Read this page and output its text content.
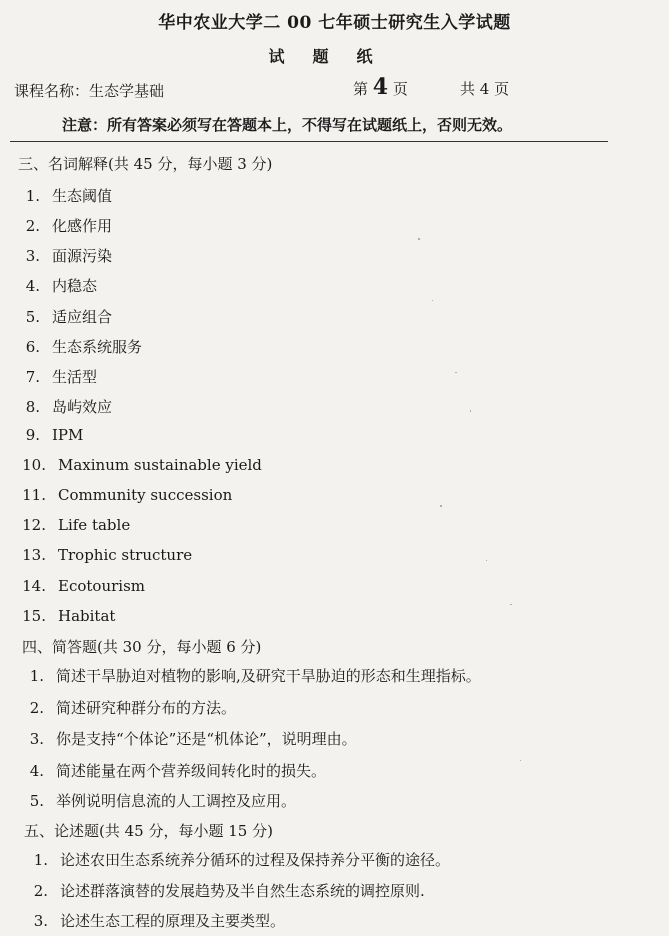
华中农业大学二 00 七年硕士研究生入学试题
试题纸
课程名称：生态学基础	第 4 页	共 4 页
注意：所有答案必须写在答题本上，不得写在试题纸上，否则无效。
三、名词解释(共 45 分，每小题 3 分)
1. 生态阈值
2. 化感作用
3. 面源污染
4. 内稳态
5. 适应组合
6. 生态系统服务
7. 生活型
8. 岛屿效应
9. IPM
10. Maxinum sustainable yield
11. Community succession
12. Life table
13. Trophic structure
14. Ecotourism
15. Habitat
四、简答题(共 30 分，每小题 6 分)
1. 简述干旱胁迫对植物的影响,及研究干旱胁迫的形态和生理指标。
2. 简述研究种群分布的方法。
3. 你是支持“个体论”还是“机体论”，说明理由。
4. 简述能量在两个营养级间转化时的损失。
5. 举例说明信息流的人工调控及应用。
五、论述题(共 45 分，每小题 15 分)
1. 论述农田生态系统养分循环的过程及保持养分平衡的途径。
2. 论述群落演替的发展趋势及半自然生态系统的调控原则.
3. 论述生态工程的原理及主要类型。
